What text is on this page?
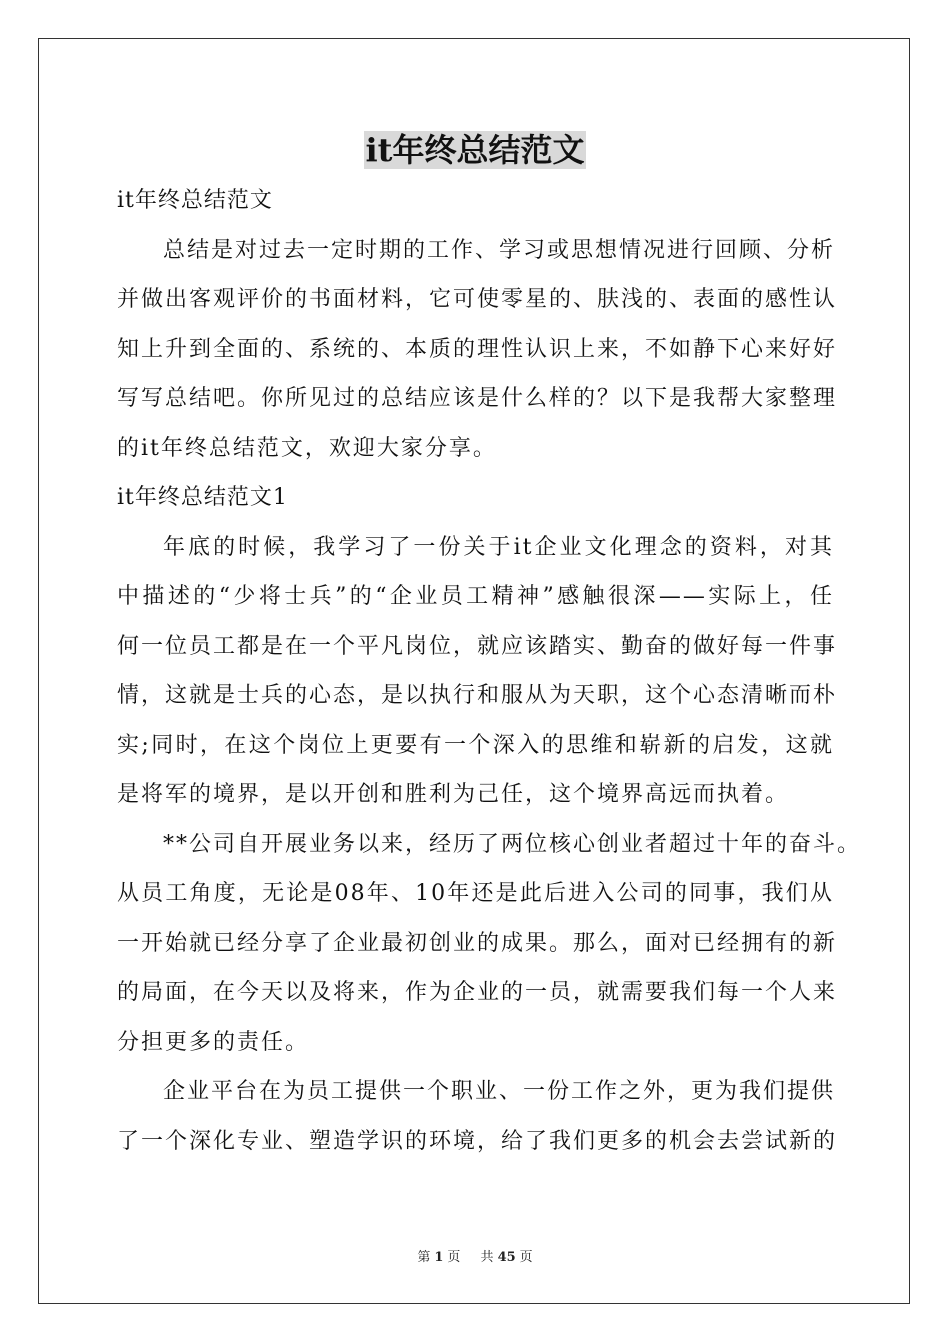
it年终总结范文
it年终总结范文
总结是对过去一定时期的工作、学习或思想情况进行回顾、分析
并做出客观评价的书面材料，它可使零星的、肤浅的、表面的感性认
知上升到全面的、系统的、本质的理性认识上来，不如静下心来好好
写写总结吧。你所见过的总结应该是什么样的？以下是我帮大家整理
的it年终总结范文，欢迎大家分享。
it年终总结范文1
年底的时候，我学习了一份关于it企业文化理念的资料，对其
中描述的“少将士兵”的“企业员工精神”感触很深——实际上，任
何一位员工都是在一个平凡岗位，就应该踏实、勤奋的做好每一件事
情，这就是士兵的心态，是以执行和服从为天职，这个心态清晰而朴
实;同时，在这个岗位上更要有一个深入的思维和崭新的启发，这就
是将军的境界，是以开创和胜利为己任，这个境界高远而执着。
**公司自开展业务以来，经历了两位核心创业者超过十年的奋斗。
从员工角度，无论是08年、10年还是此后进入公司的同事，我们从
一开始就已经分享了企业最初创业的成果。那么，面对已经拥有的新
的局面，在今天以及将来，作为企业的一员，就需要我们每一个人来
分担更多的责任。
企业平台在为员工提供一个职业、一份工作之外，更为我们提供
了一个深化专业、塑造学识的环境，给了我们更多的机会去尝试新的
第 1 页 共 45 页
